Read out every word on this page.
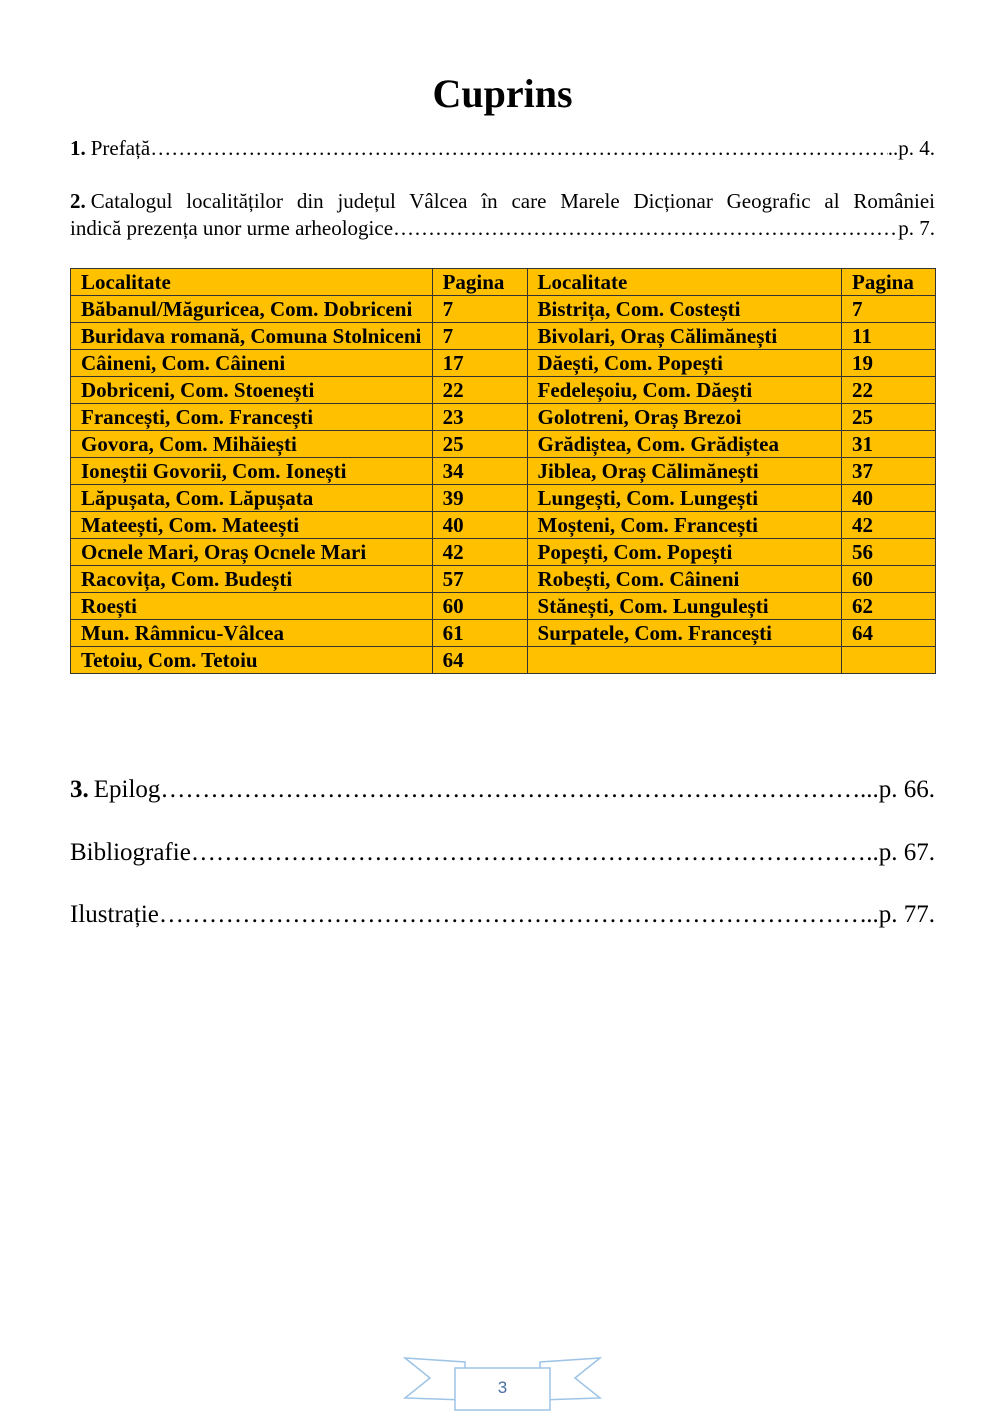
Cuprins
1. Prefață ……………………………………………………………………………………………………………………………………………………………………………………	..p. 4.
2. Catalogul localităților din județul Vâlcea în care Marele Dicționar Geografic al României
indică prezența unor urme arheologice ……………………………………………………………………………………………………………………………………………………………………………………	p. 7.
Localitate	Pagina	Localitate	Pagina
Băbanul/Măguricea, Com. Dobriceni	7	Bistrița, Com. Costești	7
Buridava romană, Comuna Stolniceni	7	Bivolari, Oraș Călimănești	11
Câineni, Com. Câineni	17	Dăești, Com. Popești	19
Dobriceni, Com. Stoenești	22	Fedeleșoiu, Com. Dăești	22
Francești, Com. Francești	23	Golotreni, Oraș Brezoi	25
Govora, Com. Mihăiești	25	Grădiștea, Com. Grădiștea	31
Ioneștii Govorii, Com. Ionești	34	Jiblea, Oraș Călimănești	37
Lăpușata, Com. Lăpușata	39	Lungești, Com. Lungești	40
Mateești, Com. Mateești	40	Moșteni, Com. Francești	42
Ocnele Mari, Oraș Ocnele Mari	42	Popești, Com. Popești	56
Racovița, Com. Budești	57	Robești, Com. Câineni	60
Roești	60	Stănești, Com. Lungulești	62
Mun. Râmnicu-Vâlcea	61	Surpatele, Com. Francești	64
Tetoiu, Com. Tetoiu	64		
3. Epilog ……………………………………………………………………………………………………………………………………………………………………………………	...p. 66.
Bibliografie ……………………………………………………………………………………………………………………………………………………………………………………	..p. 67.
Ilustrație ……………………………………………………………………………………………………………………………………………………………………………………	...p. 77.
3
